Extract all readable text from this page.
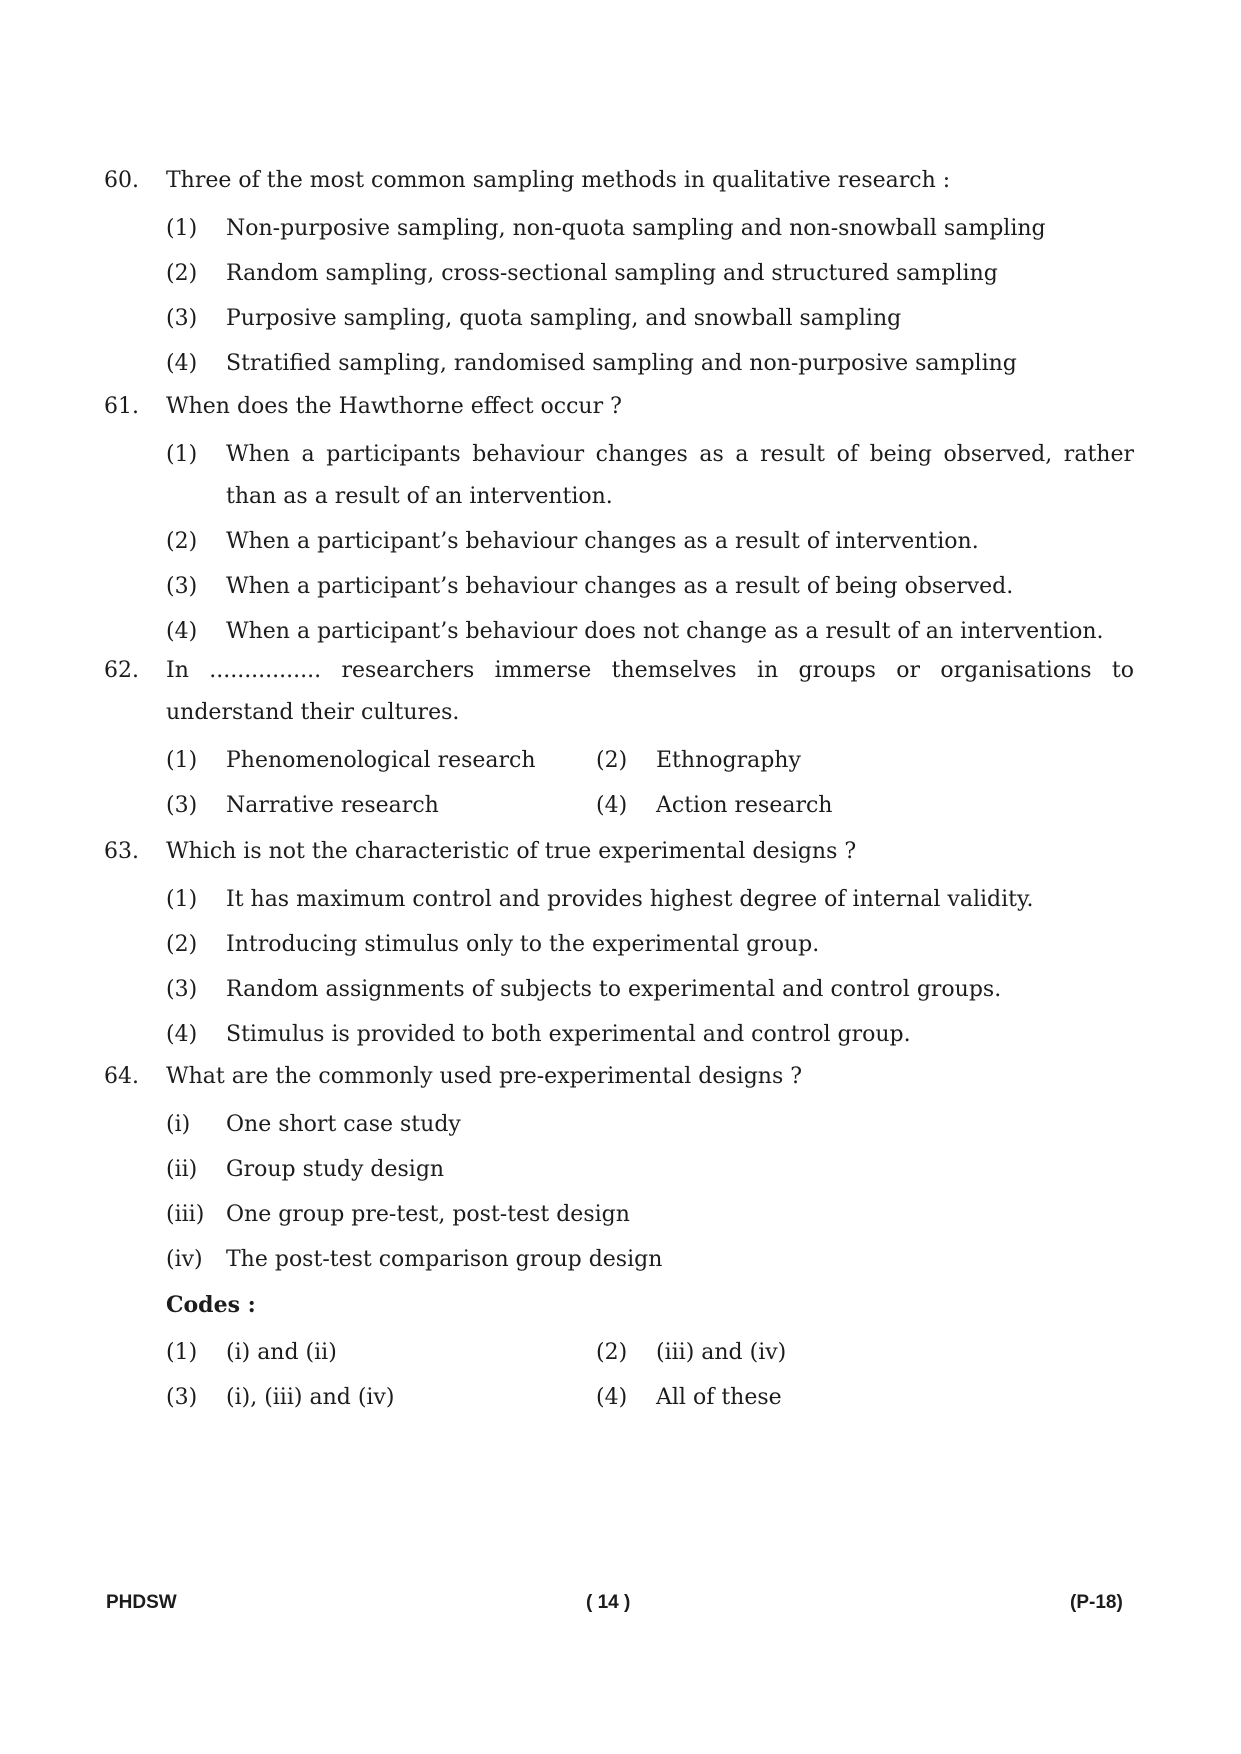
60.	Three of the most common sampling methods in qualitative research :
(1)	Non-purposive sampling, non-quota sampling and non-snowball sampling
(2)	Random sampling, cross-sectional sampling and structured sampling
(3)	Purposive sampling, quota sampling, and snowball sampling
(4)	Stratified sampling, randomised sampling and non-purposive sampling
61.	When does the Hawthorne effect occur ?
(1)	When a participants behaviour changes as a result of being observed, rather than as a result of an intervention.
(2)	When a participant’s behaviour changes as a result of intervention.
(3)	When a participant’s behaviour changes as a result of being observed.
(4)	When a participant’s behaviour does not change as a result of an intervention.
62.	In ................ researchers immerse themselves in groups or organisations to understand their cultures.
(1)	Phenomenological research	(2)	Ethnography
(3)	Narrative research	(4)	Action research
63.	Which is not the characteristic of true experimental designs ?
(1)	It has maximum control and provides highest degree of internal validity.
(2)	Introducing stimulus only to the experimental group.
(3)	Random assignments of subjects to experimental and control groups.
(4)	Stimulus is provided to both experimental and control group.
64.	What are the commonly used pre-experimental designs ?
(i)	One short case study
(ii)	Group study design
(iii) One group pre-test, post-test design
(iv)	The post-test comparison group design
Codes :
(1)	(i) and (ii)	(2)	(iii) and (iv)
(3)	(i), (iii) and (iv)	(4)	All of these
PHDSW	( 14 )	(P-18)
